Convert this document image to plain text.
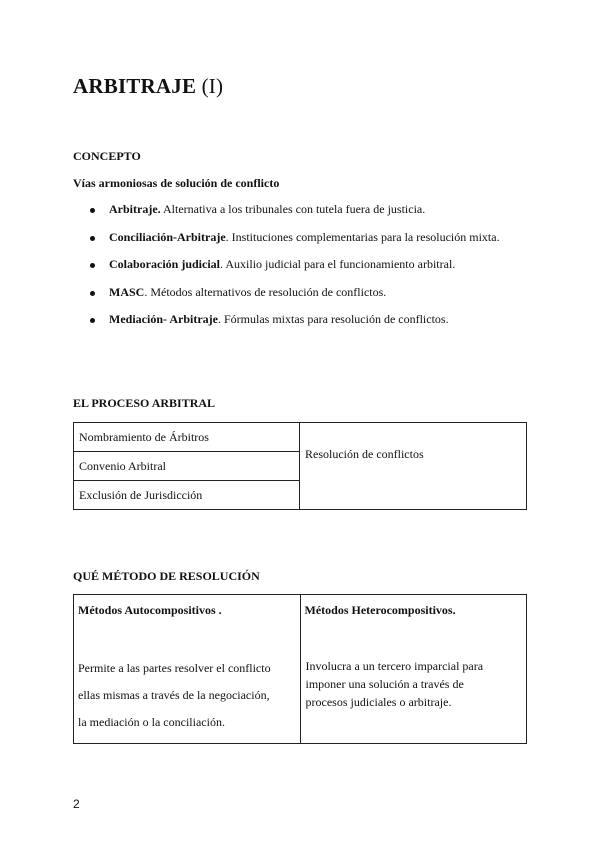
ARBITRAJE (I)
CONCEPTO

Vías armoniosas de solución de conflicto

Arbitraje. Alternativa a los tribunales con tutela fuera de justicia.
Conciliación-Arbitraje. Instituciones complementarias para la resolución mixta.
Colaboración judicial. Auxilio judicial para el funcionamiento arbitral.
MASC. Métodos alternativos de resolución de conflictos.
Mediación- Arbitraje. Fórmulas mixtas para resolución de conflictos.
EL PROCESO ARBITRAL
Nombramiento de Árbitros	Resolución de conflictos
Convenio Arbitral
Exclusión de Jurisdicción
QUÉ MÉTODO DE RESOLUCIÓN
Métodos Autocompositivos .
Permite a las partes resolver el conflicto
ellas mismas a través de la negociación,
la mediación o la conciliación.

Métodos Heterocompositivos.
Involucra a un tercero imparcial para
imponer una solución a través de
procesos judiciales o arbitraje.
2
